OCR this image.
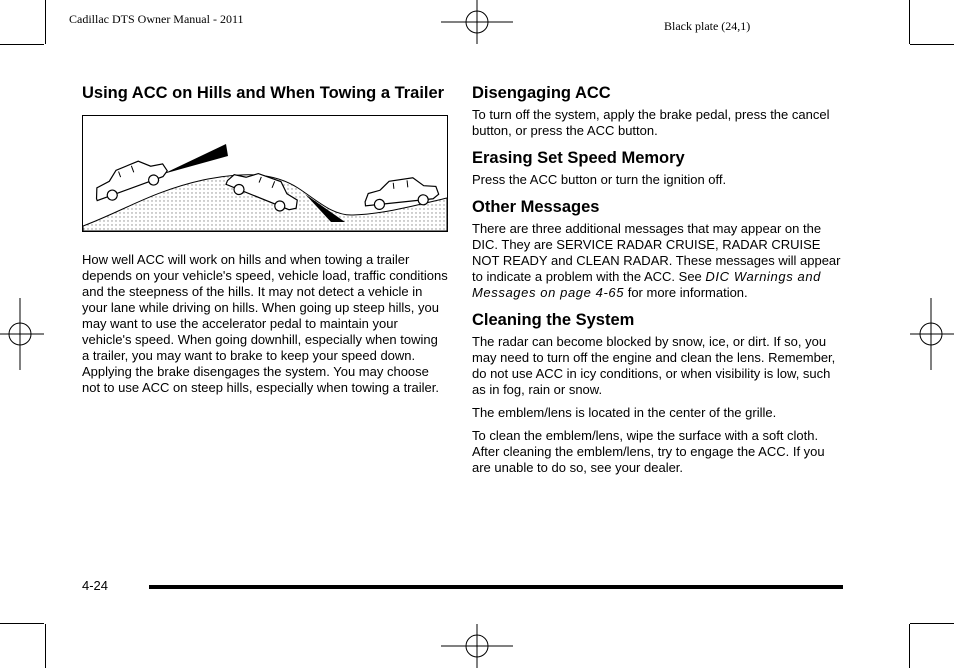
Cadillac DTS Owner Manual - 2011	Black plate (24,1)
Using ACC on Hills and When Towing a Trailer

How well ACC will work on hills and when towing a trailer depends on your vehicle's speed, vehicle load, traffic conditions and the steepness of the hills. It may not detect a vehicle in your lane while driving on hills. When going up steep hills, you may want to use the accelerator pedal to maintain your vehicle's speed. When going downhill, especially when towing a trailer, you may want to brake to keep your speed down. Applying the brake disengages the system. You may choose not to use ACC on steep hills, especially when towing a trailer.

Disengaging ACC

To turn off the system, apply the brake pedal, press the cancel button, or press the ACC button.

Erasing Set Speed Memory

Press the ACC button or turn the ignition off.

Other Messages

There are three additional messages that may appear on the DIC. They are SERVICE RADAR CRUISE, RADAR CRUISE NOT READY and CLEAN RADAR. These messages will appear to indicate a problem with the ACC. See DIC Warnings and Messages on page 4-65 for more information.

Cleaning the System

The radar can become blocked by snow, ice, or dirt. If so, you may need to turn off the engine and clean the lens. Remember, do not use ACC in icy conditions, or when visibility is low, such as in fog, rain or snow.

The emblem/lens is located in the center of the grille.

To clean the emblem/lens, wipe the surface with a soft cloth. After cleaning the emblem/lens, try to engage the ACC. If you are unable to do so, see your dealer.

4-24
